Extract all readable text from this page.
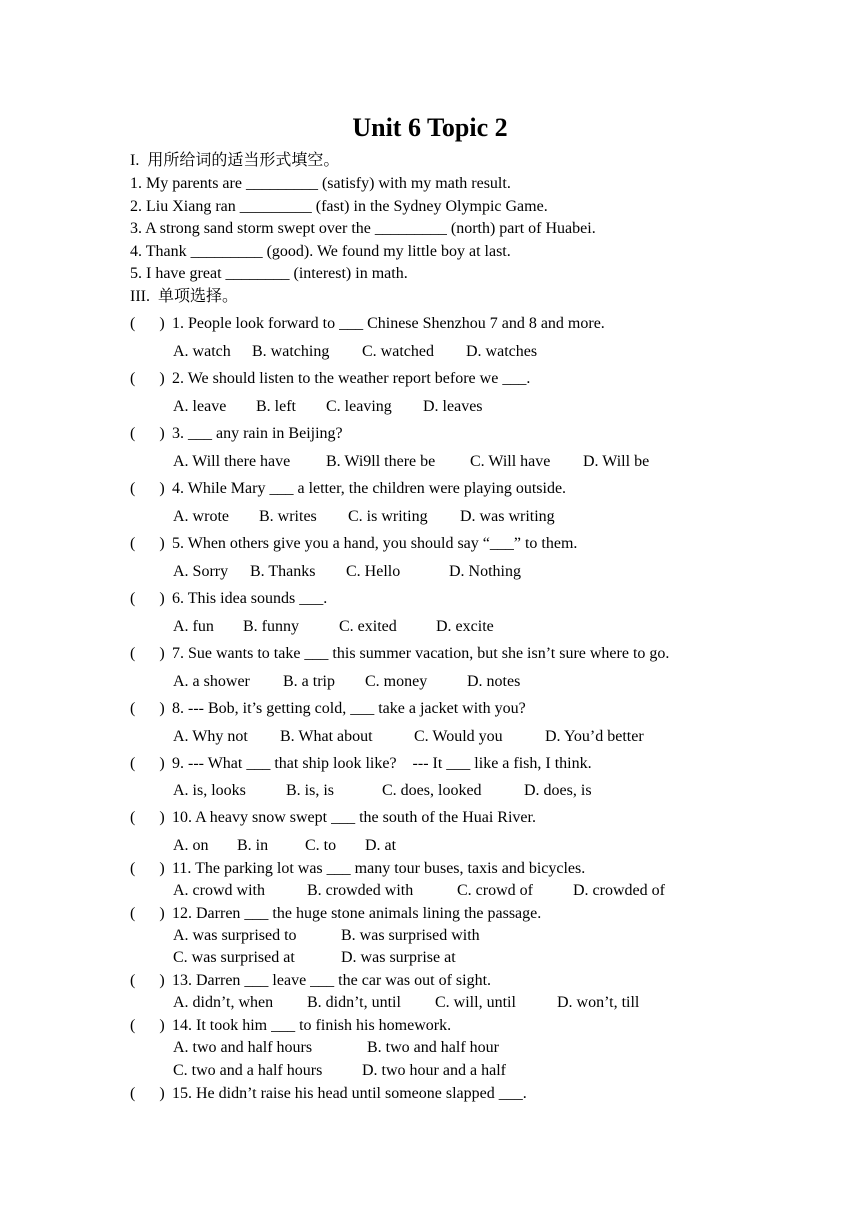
Unit 6 Topic 2
I.  用所给词的适当形式填空。
1. My parents are _________ (satisfy) with my math result.
2. Liu Xiang ran _________ (fast) in the Sydney Olympic Game.
3. A strong sand storm swept over the _________ (north) part of Huabei.
4. Thank _________ (good). We found my little boy at last.
5. I have great ________ (interest) in math.
III.  单项选择。
(      ) 1. People look forward to ___ Chinese Shenzhou 7 and 8 and more.
A. watch B. watching C. watched D. watches
(      ) 2. We should listen to the weather report before we ___.
A. leave B. left C. leaving D. leaves
(      ) 3. ___ any rain in Beijing?
A. Will there have B. Wi9ll there be C. Will have D. Will be
(      ) 4. While Mary ___ a letter, the children were playing outside.
A. wrote B. writes C. is writing D. was writing
(      ) 5. When others give you a hand, you should say “___” to them.
A. Sorry B. Thanks C. Hello	D. Nothing
(      ) 6. This idea sounds ___.
A. fun B. funny	C. exited D. excite
(      ) 7. Sue wants to take ___ this summer vacation, but she isn’t sure where to go.
A. a shower B. a trip C. money D. notes
(      ) 8. --- Bob, it’s getting cold, ___ take a jacket with you?
A. Why not B. What about	C. Would you	D. You’d better
(      ) 9. --- What ___ that ship look like?    --- It ___ like a fish, I think.
A. is, looks	B. is, is	C. does, looked	D. does, is
(      ) 10. A heavy snow swept ___ the south of the Huai River.
A. on B. in C. to D. at
(      ) 11. The parking lot was ___ many tour buses, taxis and bicycles.
A. crowd with	B. crowded with	C. crowd of	D. crowded of
(      ) 12. Darren ___ the huge stone animals lining the passage.
A. was surprised to	B. was surprised with
C. was surprised at	D. was surprise at
(      ) 13. Darren ___ leave ___ the car was out of sight.
A. didn’t, when B. didn’t, until C. will, until	D. won’t, till
(      ) 14. It took him ___ to finish his homework.
A. two and half hours	B. two and half hour
C. two and a half hours D. two hour and a half
(      ) 15. He didn’t raise his head until someone slapped ___.
